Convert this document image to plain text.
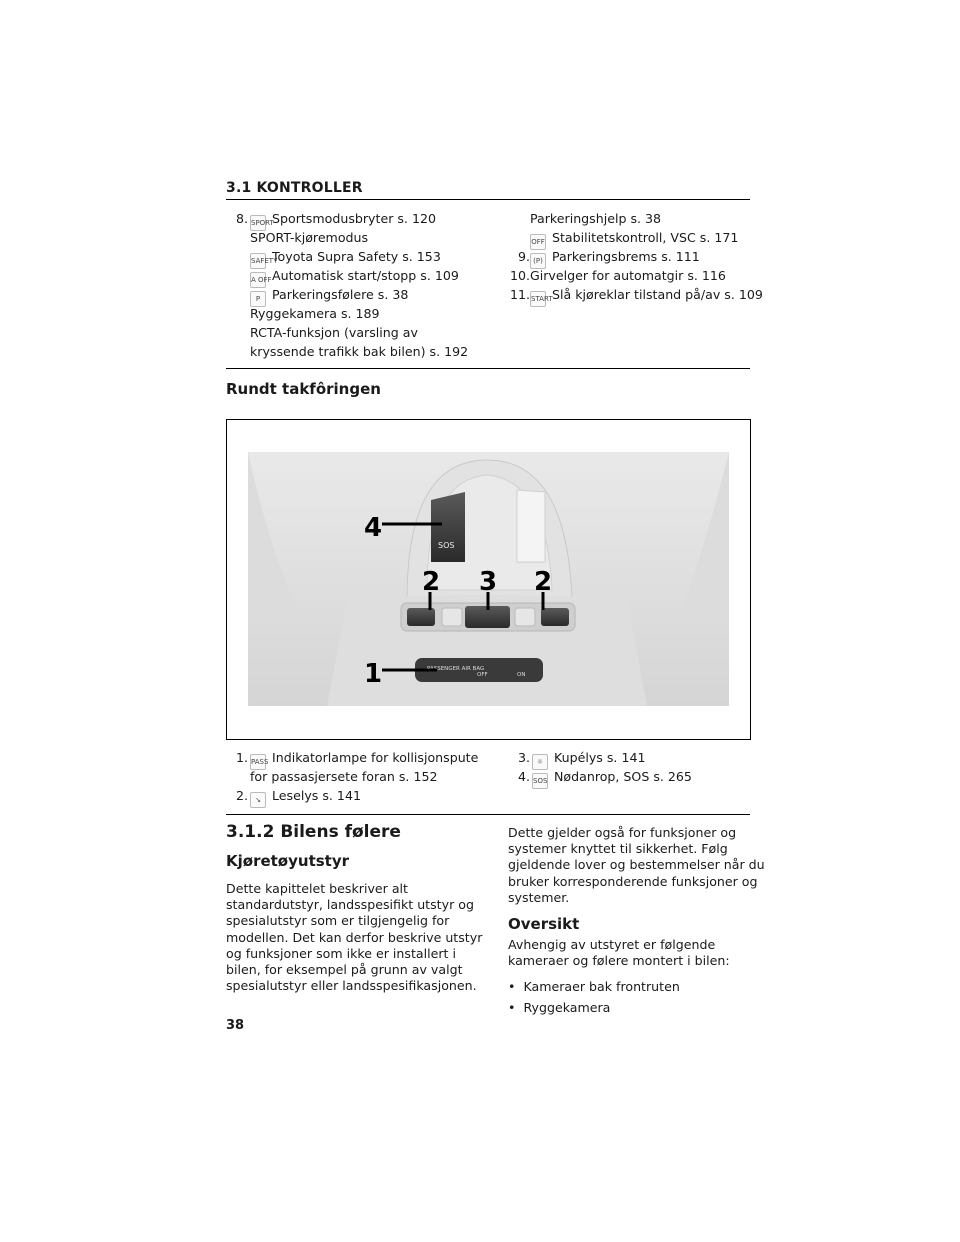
3.1 KONTROLLER
8. SPORTSportsmodusbryter s. 120
SPORT-kjøremodus
SAFETYToyota Supra Safety s. 153
A OFFAutomatisk start/stopp s. 109
P Parkeringsfølere s. 38
Ryggekamera s. 189
RCTA-funksjon (varsling av
kryssende trafikk bak bilen) s. 192
Parkeringshjelp s. 38
OFF Stabilitetskontroll, VSC s. 171
9. (P) Parkeringsbrems s. 111
10. Girvelger for automatgir s. 116
11. STARTSlå kjøreklar tilstand på/av s. 109
Rundt takfôringen
SOS
PASSENGER AIR BAG
OFF	ON
4
2 3 2
1
1. PASS Indikatorlampe for kollisjonspute
for passasjersete foran s. 152
2.	↘ Leselys s. 141
3. ☼ Kupélys s. 141
4. SOS Nødanrop, SOS s. 265
3.1.2 Bilens følere
Kjøretøyutstyr
Dette kapittelet beskriver alt
standardutstyr, landsspesifikt utstyr og
spesialutstyr som er tilgjengelig for
modellen. Det kan derfor beskrive utstyr
og funksjoner som ikke er installert i
bilen, for eksempel på grunn av valgt
spesialutstyr eller landsspesifikasjonen.
Dette gjelder også for funksjoner og
systemer knyttet til sikkerhet. Følg
gjeldende lover og bestemmelser når du
bruker korresponderende funksjoner og
systemer.
Oversikt
Avhengig av utstyret er følgende
kameraer og følere montert i bilen:
• Kameraer bak frontruten
• Ryggekamera
38
